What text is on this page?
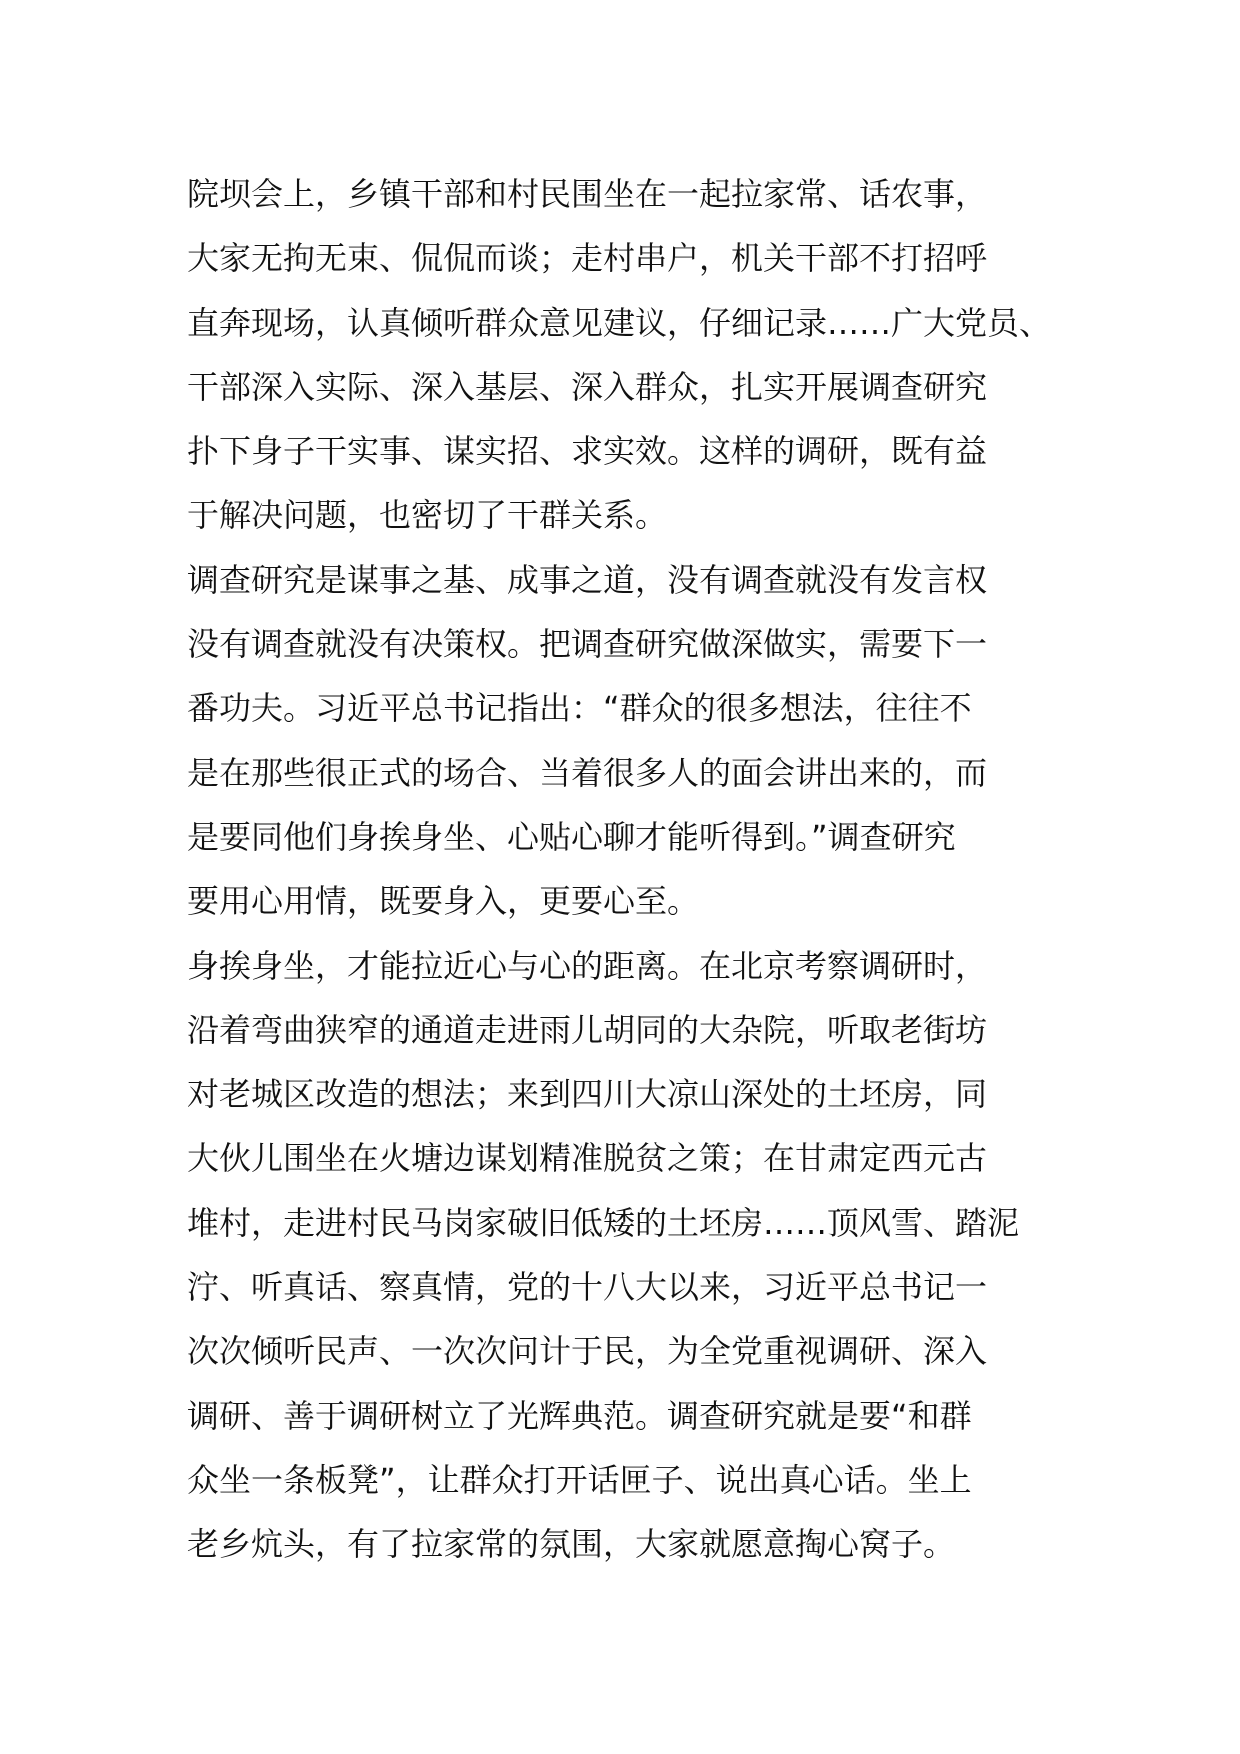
院坝会上，乡镇干部和村民围坐在一起拉家常、话农事，
大家无拘无束、侃侃而谈；走村串户，机关干部不打招呼
直奔现场，认真倾听群众意见建议，仔细记录……广大党员、
干部深入实际、深入基层、深入群众，扎实开展调查研究
扑下身子干实事、谋实招、求实效。这样的调研，既有益
于解决问题，也密切了干群关系。
调查研究是谋事之基、成事之道，没有调查就没有发言权
没有调查就没有决策权。把调查研究做深做实，需要下一
番功夫。习近平总书记指出：“群众的很多想法，往往不
是在那些很正式的场合、当着很多人的面会讲出来的，而
是要同他们身挨身坐、心贴心聊才能听得到。”调查研究
要用心用情，既要身入，更要心至。
身挨身坐，才能拉近心与心的距离。在北京考察调研时，
沿着弯曲狭窄的通道走进雨儿胡同的大杂院，听取老街坊
对老城区改造的想法；来到四川大凉山深处的土坯房，同
大伙儿围坐在火塘边谋划精准脱贫之策；在甘肃定西元古
堆村，走进村民马岗家破旧低矮的土坯房……顶风雪、踏泥
泞、听真话、察真情，党的十八大以来，习近平总书记一
次次倾听民声、一次次问计于民，为全党重视调研、深入
调研、善于调研树立了光辉典范。调查研究就是要“和群
众坐一条板凳”，让群众打开话匣子、说出真心话。坐上
老乡炕头，有了拉家常的氛围，大家就愿意掏心窝子。
